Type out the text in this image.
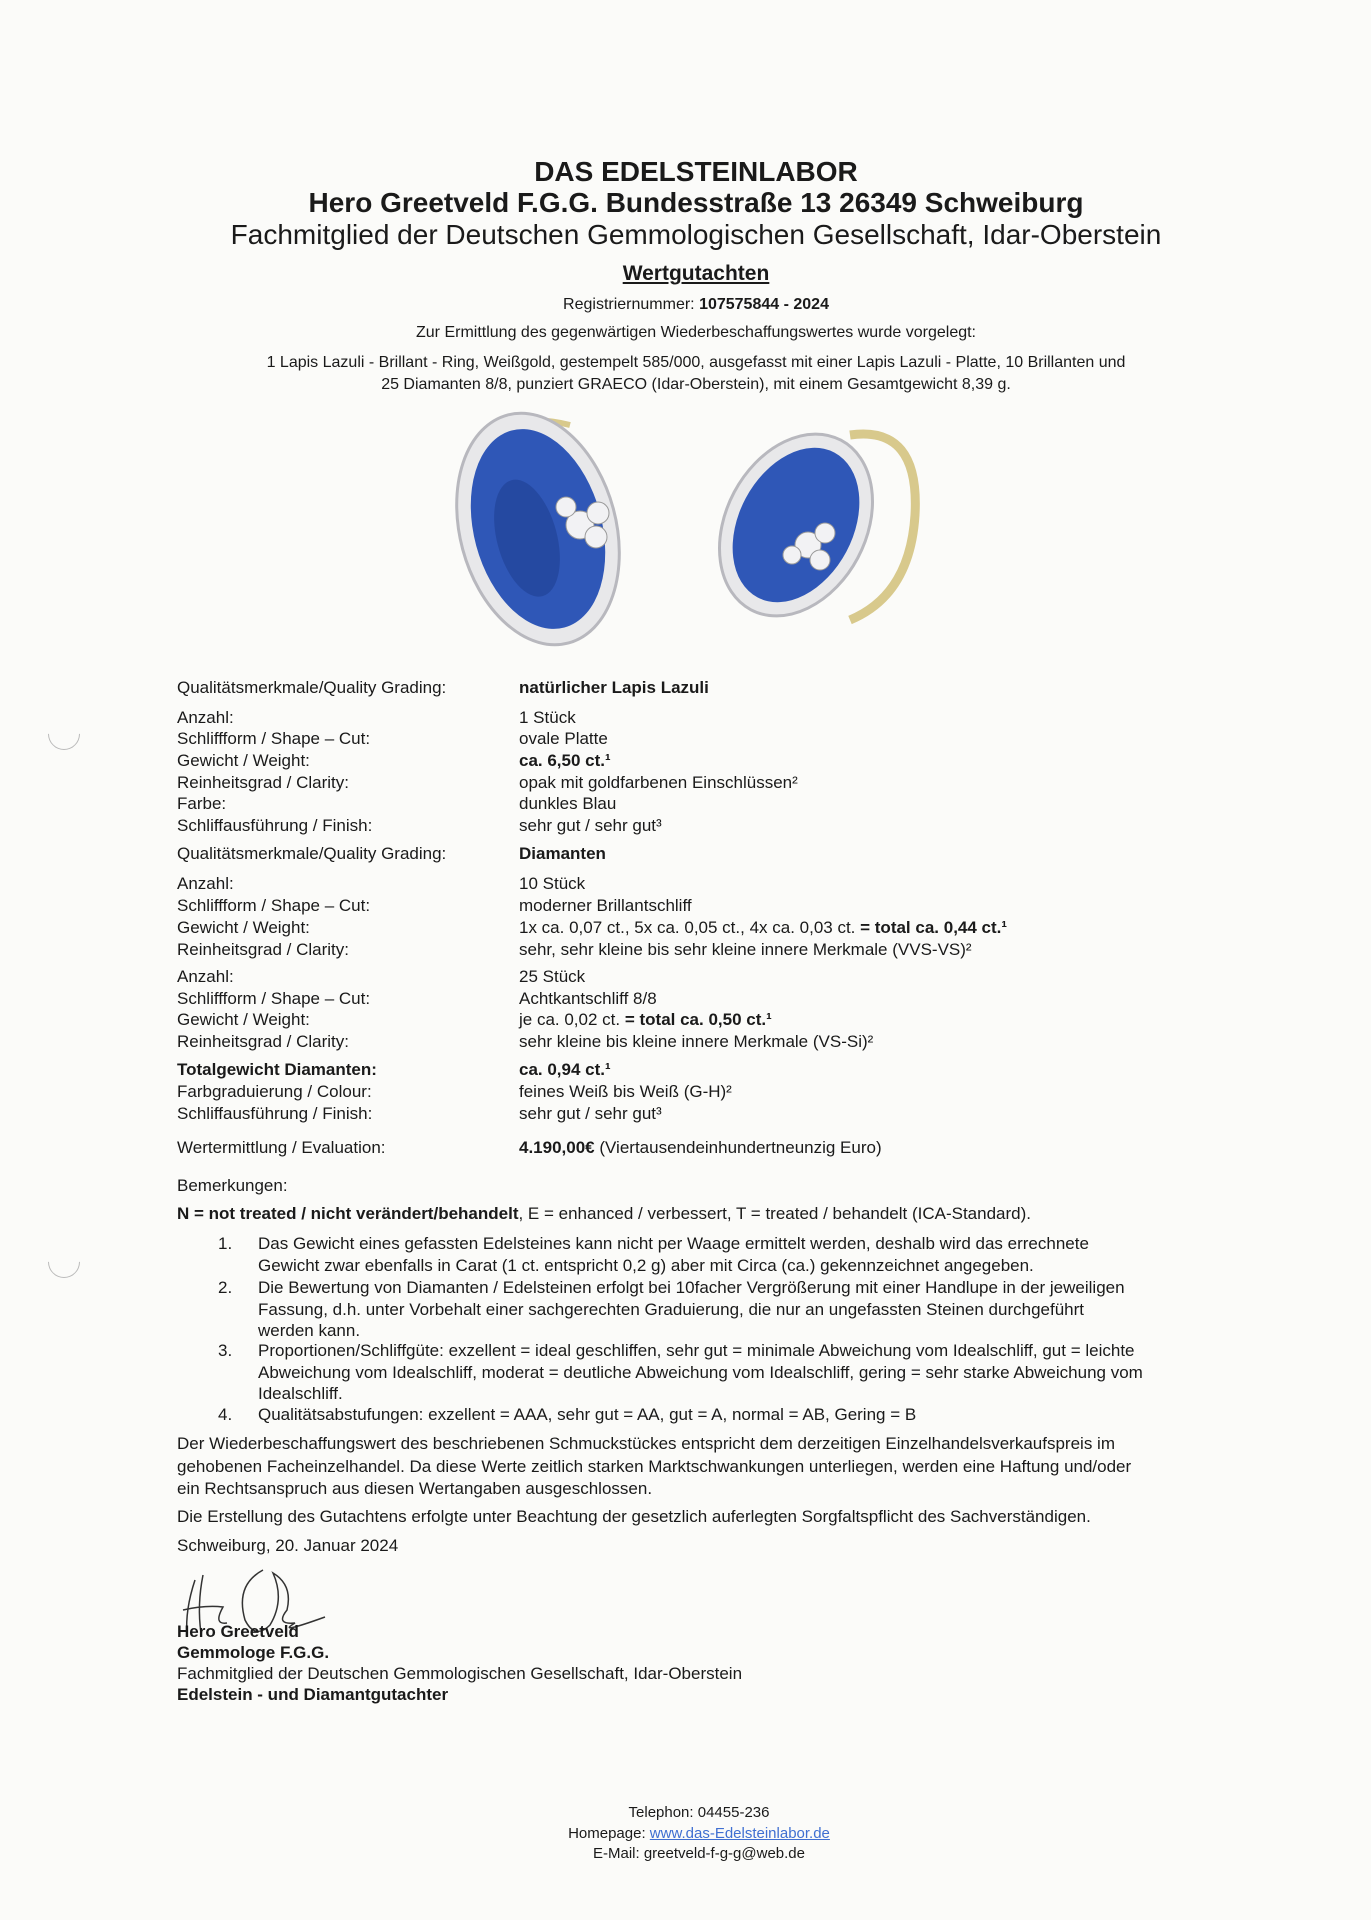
DAS EDELSTEINLABOR
Hero Greetveld F.G.G. Bundesstraße 13 26349 Schweiburg
Fachmitglied der Deutschen Gemmologischen Gesellschaft, Idar-Oberstein
Wertgutachten
Registriernummer: 107575844 - 2024
Zur Ermittlung des gegenwärtigen Wiederbeschaffungswertes wurde vorgelegt:
1 Lapis Lazuli - Brillant - Ring, Weißgold, gestempelt 585/000, ausgefasst mit einer Lapis Lazuli - Platte, 10 Brillanten und
25 Diamanten 8/8, punziert GRAECO (Idar-Oberstein), mit einem Gesamtgewicht 8,39 g.
Qualitätsmerkmale/Quality Grading:	natürlicher Lapis Lazuli
Anzahl:	1 Stück
Schliffform / Shape – Cut:	ovale Platte
Gewicht / Weight:	ca. 6,50 ct.¹
Reinheitsgrad / Clarity:	opak mit goldfarbenen Einschlüssen²
Farbe:	dunkles Blau
Schliffausführung / Finish:	sehr gut / sehr gut³
Qualitätsmerkmale/Quality Grading:	Diamanten
Anzahl:	10 Stück
Schliffform / Shape – Cut:	moderner Brillantschliff
Gewicht / Weight:	1x ca. 0,07 ct., 5x ca. 0,05 ct., 4x ca. 0,03 ct. = total ca. 0,44 ct.¹
Reinheitsgrad / Clarity:	sehr, sehr kleine bis sehr kleine innere Merkmale (VVS-VS)²
Anzahl:	25 Stück
Schliffform / Shape – Cut:	Achtkantschliff 8/8
Gewicht / Weight:	je ca. 0,02 ct. = total ca. 0,50 ct.¹
Reinheitsgrad / Clarity:	sehr kleine bis kleine innere Merkmale (VS-Si)²
Totalgewicht Diamanten:	ca. 0,94 ct.¹
Farbgraduierung / Colour:	feines Weiß bis Weiß (G-H)²
Schliffausführung / Finish:	sehr gut / sehr gut³
Wertermittlung / Evaluation:	4.190,00€ (Viertausendeinhundertneunzig Euro)
Bemerkungen:
N = not treated / nicht verändert/behandelt, E = enhanced / verbessert, T = treated / behandelt (ICA-Standard).
1. Das Gewicht eines gefassten Edelsteines kann nicht per Waage ermittelt werden, deshalb wird das errechnete
Gewicht zwar ebenfalls in Carat (1 ct. entspricht 0,2 g) aber mit Circa (ca.) gekennzeichnet angegeben.
2. Die Bewertung von Diamanten / Edelsteinen erfolgt bei 10facher Vergrößerung mit einer Handlupe in der jeweiligen
Fassung, d.h. unter Vorbehalt einer sachgerechten Graduierung, die nur an ungefassten Steinen durchgeführt
werden kann.
3. Proportionen/Schliffgüte: exzellent = ideal geschliffen, sehr gut = minimale Abweichung vom Idealschliff, gut = leichte
Abweichung vom Idealschliff, moderat = deutliche Abweichung vom Idealschliff, gering = sehr starke Abweichung vom
Idealschliff.
4. Qualitätsabstufungen: exzellent = AAA, sehr gut = AA, gut = A, normal = AB, Gering = B
Der Wiederbeschaffungswert des beschriebenen Schmuckstückes entspricht dem derzeitigen Einzelhandelsverkaufspreis im
gehobenen Facheinzelhandel. Da diese Werte zeitlich starken Marktschwankungen unterliegen, werden eine Haftung und/oder
ein Rechtsanspruch aus diesen Wertangaben ausgeschlossen.
Die Erstellung des Gutachtens erfolgte unter Beachtung der gesetzlich auferlegten Sorgfaltspflicht des Sachverständigen.
Schweiburg, 20. Januar 2024
Hero Greetveld
Gemmologe F.G.G.
Fachmitglied der Deutschen Gemmologischen Gesellschaft, Idar-Oberstein
Edelstein - und Diamantgutachter
Telephon: 04455-236
Homepage: www.das-Edelsteinlabor.de
E-Mail: greetveld-f-g-g@web.de
